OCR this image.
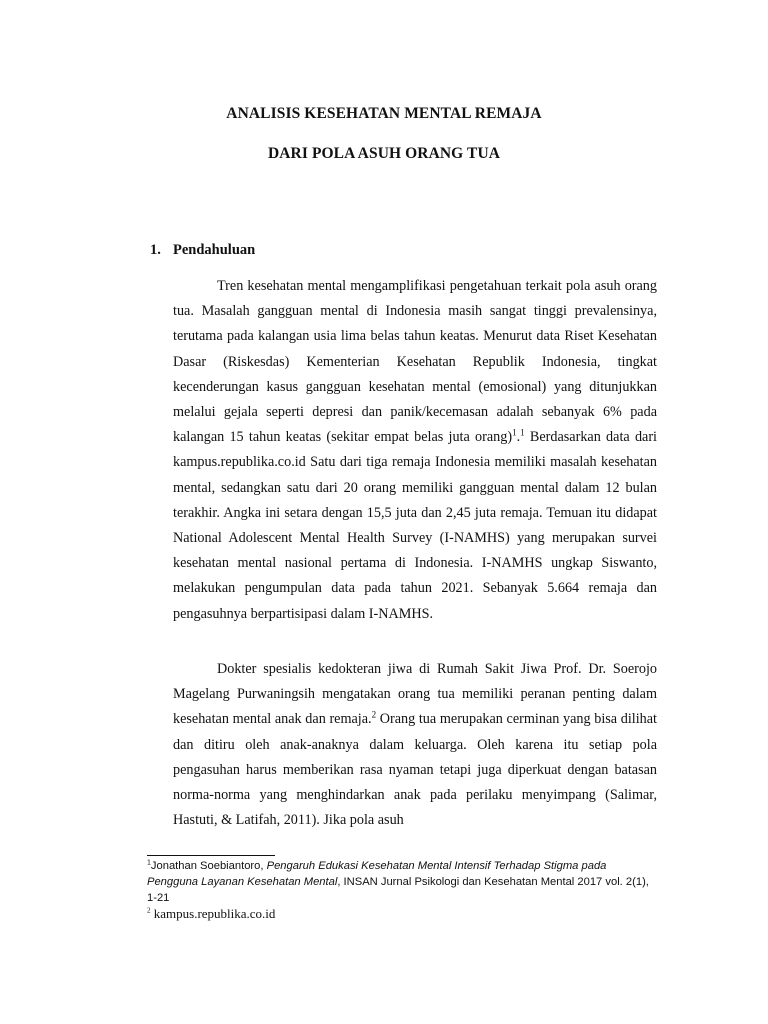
ANALISIS KESEHATAN MENTAL REMAJA
DARI POLA ASUH ORANG TUA
1. Pendahuluan

Tren kesehatan mental mengamplifikasi pengetahuan terkait pola asuh orang tua. Masalah gangguan mental di Indonesia masih sangat tinggi prevalensinya, terutama pada kalangan usia lima belas tahun keatas. Menurut data Riset Kesehatan Dasar (Riskesdas) Kementerian Kesehatan Republik Indonesia, tingkat kecenderungan kasus gangguan kesehatan mental (emosional) yang ditunjukkan melalui gejala seperti depresi dan panik/kecemasan adalah sebanyak 6% pada kalangan 15 tahun keatas (sekitar empat belas juta orang)$^1$.$^1$ Berdasarkan data dari kampus.republika.co.id Satu dari tiga remaja Indonesia memiliki masalah kesehatan mental, sedangkan satu dari 20 orang memiliki gangguan mental dalam 12 bulan terakhir. Angka ini setara dengan 15,5 juta dan 2,45 juta remaja. Temuan itu didapat National Adolescent Mental Health Survey (I-NAMHS) yang merupakan survei kesehatan mental nasional pertama di Indonesia. I-NAMHS ungkap Siswanto, melakukan pengumpulan data pada tahun 2021. Sebanyak 5.664 remaja dan pengasuhnya berpartisipasi dalam I-NAMHS.

Dokter spesialis kedokteran jiwa di Rumah Sakit Jiwa Prof. Dr. Soerojo Magelang Purwaningsih mengatakan orang tua memiliki peranan penting dalam kesehatan mental anak dan remaja.$^2$ Orang tua merupakan cerminan yang bisa dilihat dan ditiru oleh anak-anaknya dalam keluarga. Oleh karena itu setiap pola pengasuhan harus memberikan rasa nyaman tetapi juga diperkuat dengan batasan norma-norma yang menghindarkan anak pada perilaku menyimpang (Salimar, Hastuti, & Latifah, 2011). Jika pola asuh

$^1$Jonathan Soebiantoro, Pengaruh Edukasi Kesehatan Mental Intensif Terhadap Stigma pada Pengguna Layanan Kesehatan Mental, INSAN Jurnal Psikologi dan Kesehatan Mental 2017 vol. 2(1), 1-21

$^2$ kampus.republika.co.id
